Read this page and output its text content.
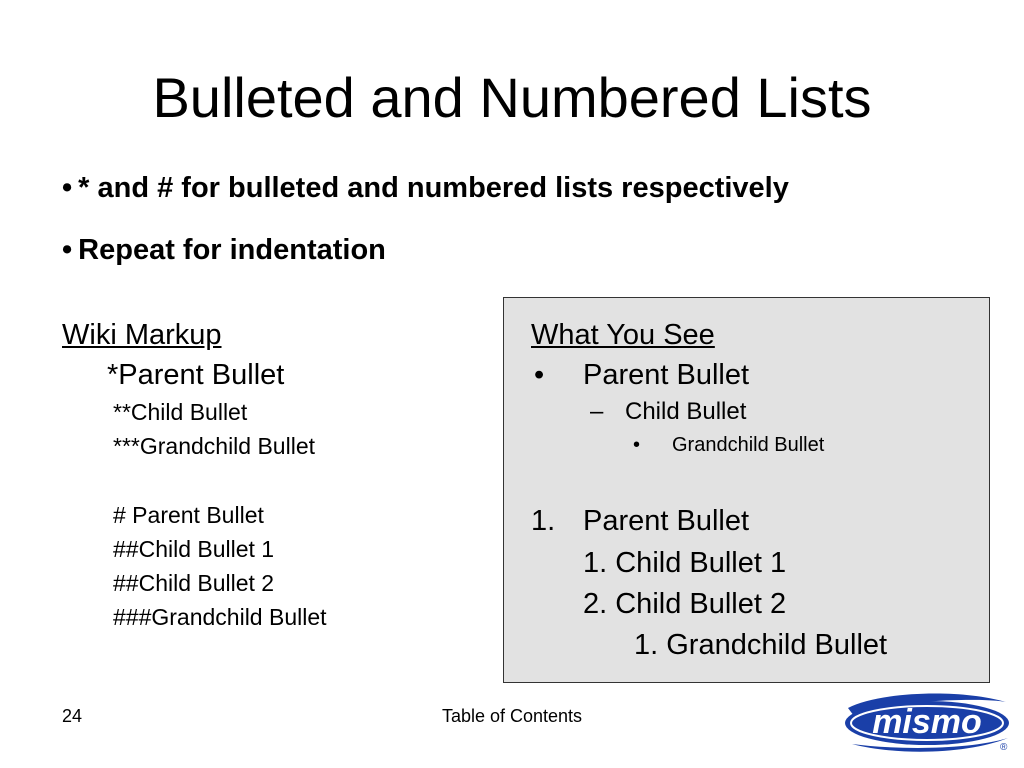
Bulleted and Numbered Lists
• * and # for bulleted and numbered lists respectively
• Repeat for indentation
Wiki Markup
*Parent Bullet
**Child Bullet
***Grandchild Bullet
# Parent Bullet
##Child Bullet 1
##Child Bullet 2
###Grandchild Bullet
What You See
• Parent Bullet
– Child Bullet
• Grandchild Bullet
1. Parent Bullet
1. Child Bullet 1
2. Child Bullet 2
1. Grandchild Bullet
24	Table of Contents	mismo
®
